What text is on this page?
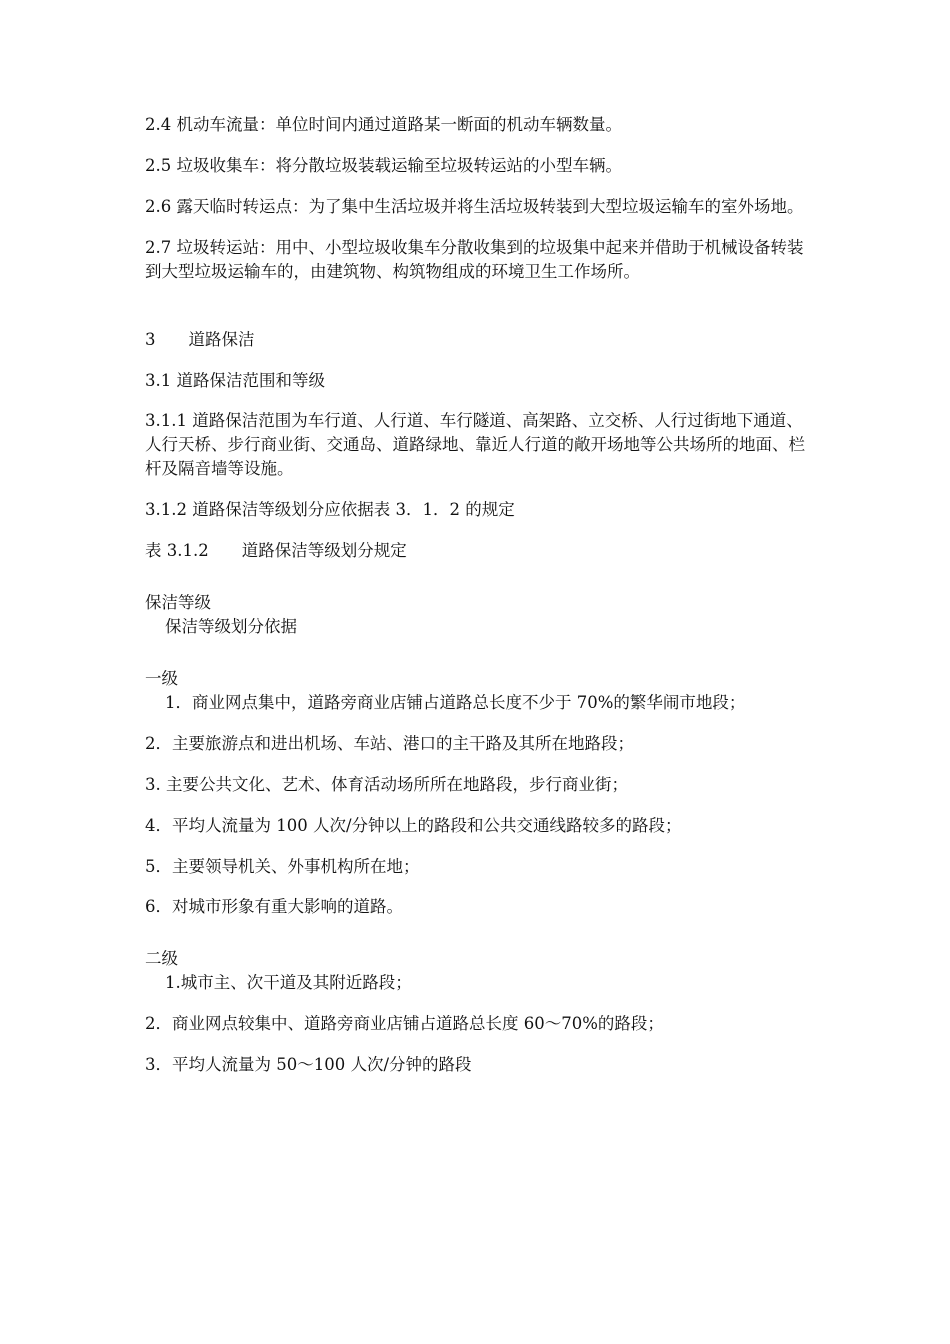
2.4 机动车流量：单位时间内通过道路某一断面的机动车辆数量。

2.5 垃圾收集车：将分散垃圾装载运输至垃圾转运站的小型车辆。

2.6 露天临时转运点：为了集中生活垃圾并将生活垃圾转装到大型垃圾运输车的室外场地。

2.7 垃圾转运站：用中、小型垃圾收集车分散收集到的垃圾集中起来并借助于机械设备转装到大型垃圾运输车的，由建筑物、构筑物组成的环境卫生工作场所。

3　　道路保洁

3.1 道路保洁范围和等级

3.1.1 道路保洁范围为车行道、人行道、车行隧道、高架路、立交桥、人行过街地下通道、人行天桥、步行商业街、交通岛、道路绿地、靠近人行道的敞开场地等公共场所的地面、栏杆及隔音墙等设施。

3.1.2 道路保洁等级划分应依据表 3．1．2 的规定

表 3.1.2　　道路保洁等级划分规定

保洁等级
保洁等级划分依据
一级

1．商业网点集中，道路旁商业店铺占道路总长度不少于 70%的繁华闹市地段；

2．主要旅游点和进出机场、车站、港口的主干路及其所在地路段；

3. 主要公共文化、艺术、体育活动场所所在地路段，步行商业街；

4．平均人流量为 100 人次/分钟以上的路段和公共交通线路较多的路段；

5．主要领导机关、外事机构所在地；

6．对城市形象有重大影响的道路。

二级

1.城市主、次干道及其附近路段；

2．商业网点较集中、道路旁商业店铺占道路总长度 60～70%的路段；

3．平均人流量为 50～100 人次/分钟的路段
